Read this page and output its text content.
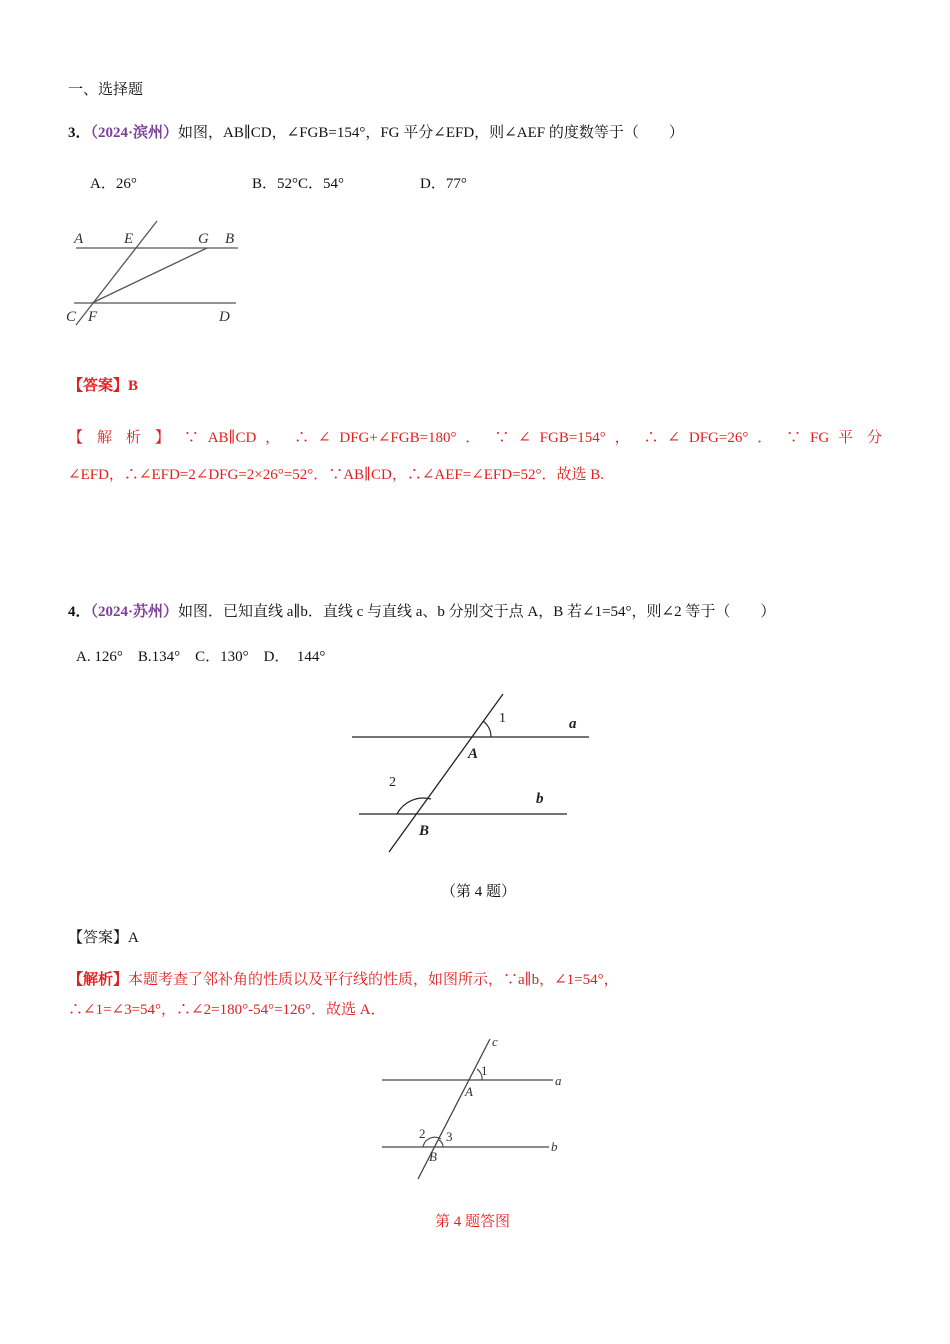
一、选择题
3．（2024·滨州）如图，AB∥CD，∠FGB=154°，FG 平分∠EFD，则∠AEF 的度数等于（　　）
A．26°	B．52°C．54°	D．77°
A	E	G B
C F	D
【答案】B
【 解 析 】 ∵ AB∥CD ， ∴ ∠ DFG+∠FGB=180° ． ∵ ∠ FGB=154° ， ∴ ∠ DFG=26° ． ∵ FG 平 分
∠EFD，∴∠EFD=2∠DFG=2×26°=52°．∵AB∥CD，∴∠AEF=∠EFD=52°．故选 B.
4．（2024·苏州）如图．已知直线 a∥b．直线 c 与直线 a、b 分别交于点 A，B 若∠1=54°，则∠2 等于（　　）
A. 126°　B.134°　C．130°　D．　144°
1	a
A
2
b
B
（第 4 题）
【答案】A
【解析】本题考查了邻补角的性质以及平行线的性质，如图所示，∵a∥b，∠1=54°，
∴∠1=∠3=54°，∴∠2=180°-54°=126°．故选 A．
c
1
a
A
2 3
b
B
第 4 题答图
